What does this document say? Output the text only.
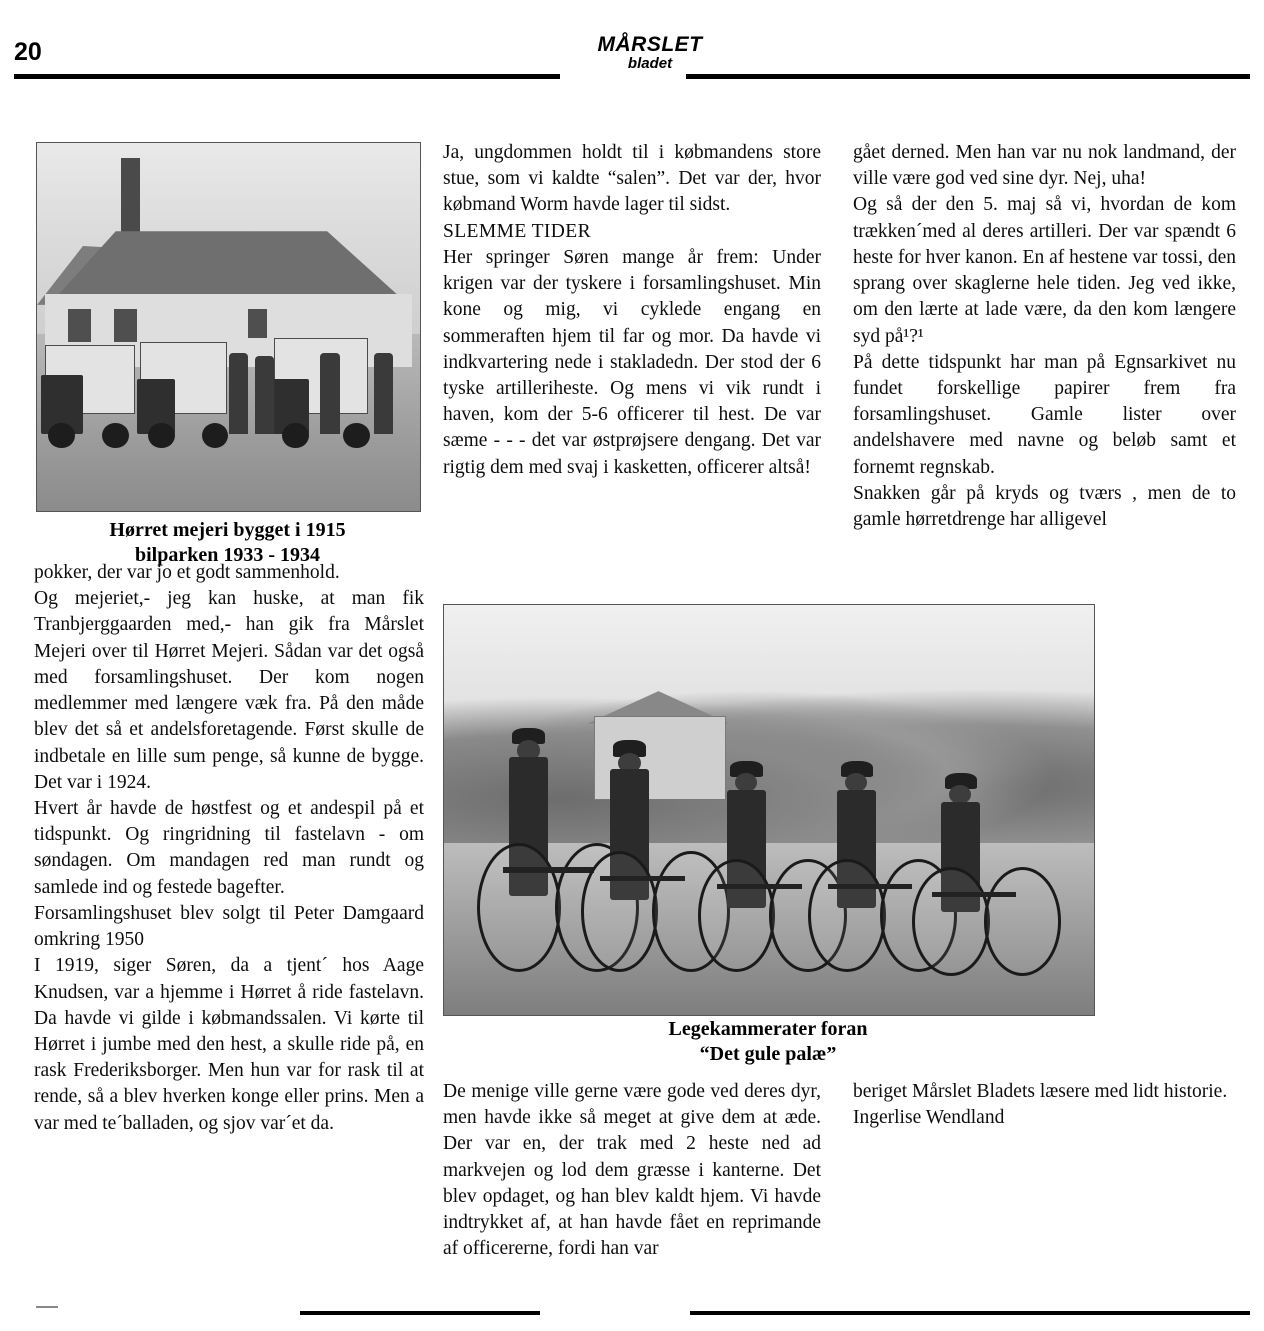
20	MÅRSLET
bladet
Hørret mejeri bygget i 1915
bilparken 1933 - 1934

pokker, der var jo et godt sammenhold.

Og mejeriet,- jeg kan huske, at man fik Tranbjerggaarden med,- han gik fra Mårslet Mejeri over til Hørret Mejeri. Sådan var det også med forsamlingshuset. Der kom nogen medlemmer med længere væk fra. På den måde blev det så et andelsforetagende. Først skulle de indbetale en lille sum penge, så kunne de bygge. Det var i 1924.

Hvert år havde de høstfest og et andespil på et tidspunkt. Og ringridning til fastelavn - om søndagen. Om mandagen red man rundt og samlede ind og festede bagefter.

Forsamlingshuset blev solgt til Peter Damgaard omkring 1950

I 1919, siger Søren, da a tjent´ hos Aage Knudsen, var a hjemme i Hørret å ride fastelavn. Da havde vi gilde i købmandssalen. Vi kørte til Hørret i jumbe med den hest, a skulle ride på, en rask Frederiksborger. Men hun var for rask til at rende, så a blev hverken konge eller prins. Men a var med te´balladen, og sjov var´et da.

Ja, ungdommen holdt til i købmandens store stue, som vi kaldte “salen”. Det var der, hvor købmand Worm havde lager til sidst.

SLEMME TIDER

Her springer Søren mange år frem: Under krigen var der tyskere i forsamlingshuset. Min kone og mig, vi cyklede engang en sommeraften hjem til far og mor. Da havde vi indkvartering nede i stakladedn. Der stod der 6 tyske artilleriheste. Og mens vi vik rundt i haven, kom der 5-6 officerer til hest. De var sæme - - - det var østprøjsere dengang. Det var rigtig dem med svaj i kasketten, officerer altså!

Legekammerater foran
“Det gule palæ”

De menige ville gerne være gode ved deres dyr, men havde ikke så meget at give dem at æde. Der var en, der trak med 2 heste ned ad markvejen og lod dem græsse i kanterne. Det blev opdaget, og han blev kaldt hjem. Vi havde indtrykket af, at han havde fået en reprimande af officererne, fordi han var

gået derned. Men han var nu nok landmand, der ville være god ved sine dyr. Nej, uha!

Og så der den 5. maj så vi, hvordan de kom trækken´med al deres artilleri. Der var spændt 6 heste for hver kanon. En af hestene var tossi, den sprang over skaglerne hele tiden. Jeg ved ikke, om den lærte at lade være, da den kom længere syd på¹?¹

På dette tidspunkt har man på Egnsarkivet nu fundet forskellige papirer frem fra forsamlingshuset. Gamle lister over andelshavere med navne og beløb samt et fornemt regnskab.

Snakken går på kryds og tværs , men de to gamle hørretdrenge har alligevel

beriget Mårslet Bladets læsere med lidt historie.

Ingerlise Wendland
